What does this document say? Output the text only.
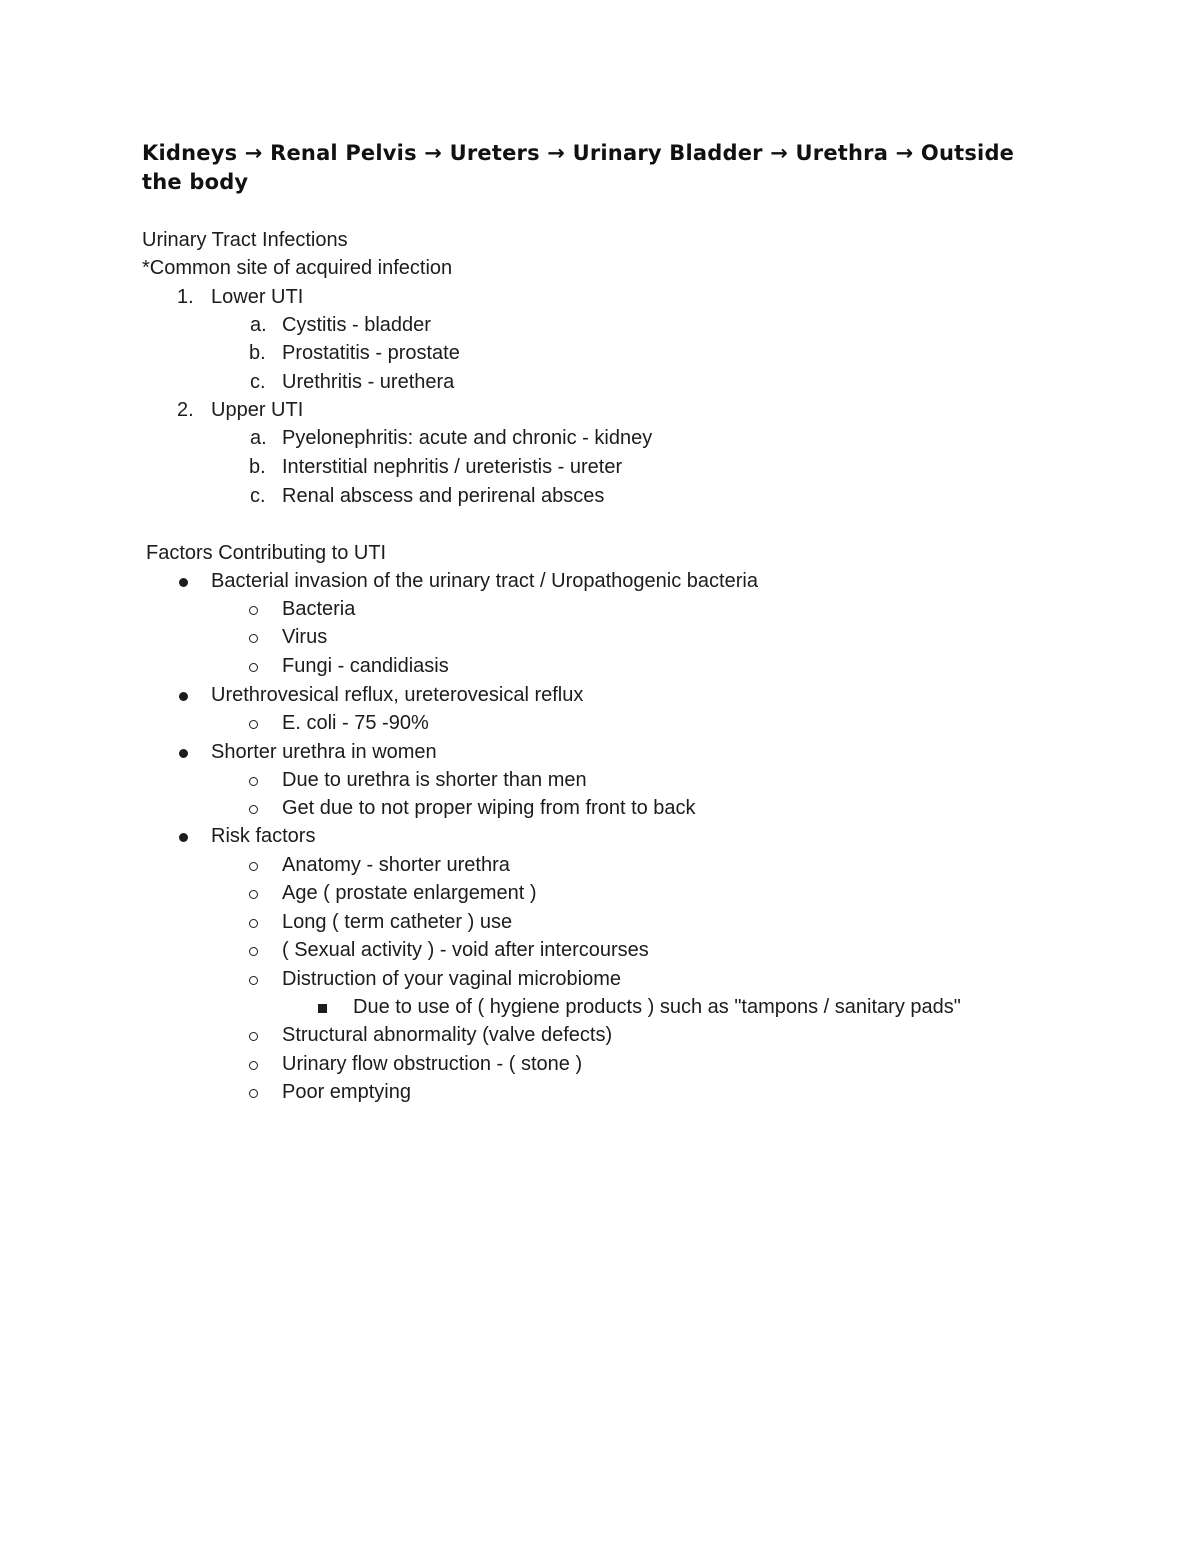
Kidneys → Renal Pelvis → Ureters → Urinary Bladder → Urethra → Outside the body
Urinary Tract Infections
*Common site of acquired infection
1. Lower UTI
a. Cystitis - bladder
b. Prostatitis - prostate
c. Urethritis - urethera
2. Upper UTI
a. Pyelonephritis: acute and chronic - kidney
b. Interstitial nephritis / ureteristis - ureter
c. Renal abscess and perirenal absces
Factors Contributing to UTI
Bacterial invasion of the urinary tract / Uropathogenic bacteria
Bacteria
Virus
Fungi - candidiasis
Urethrovesical reflux, ureterovesical reflux
E. coli - 75 -90%
Shorter urethra in women
Due to urethra is shorter than men
Get due to not proper wiping from front to back
Risk factors
Anatomy - shorter urethra
Age ( prostate enlargement )
Long ( term catheter ) use
( Sexual activity ) - void after intercourses
Distruction of your vaginal microbiome
Due to use of ( hygiene products ) such as "tampons / sanitary pads"
Structural abnormality (valve defects)
Urinary flow obstruction - ( stone )
Poor emptying
